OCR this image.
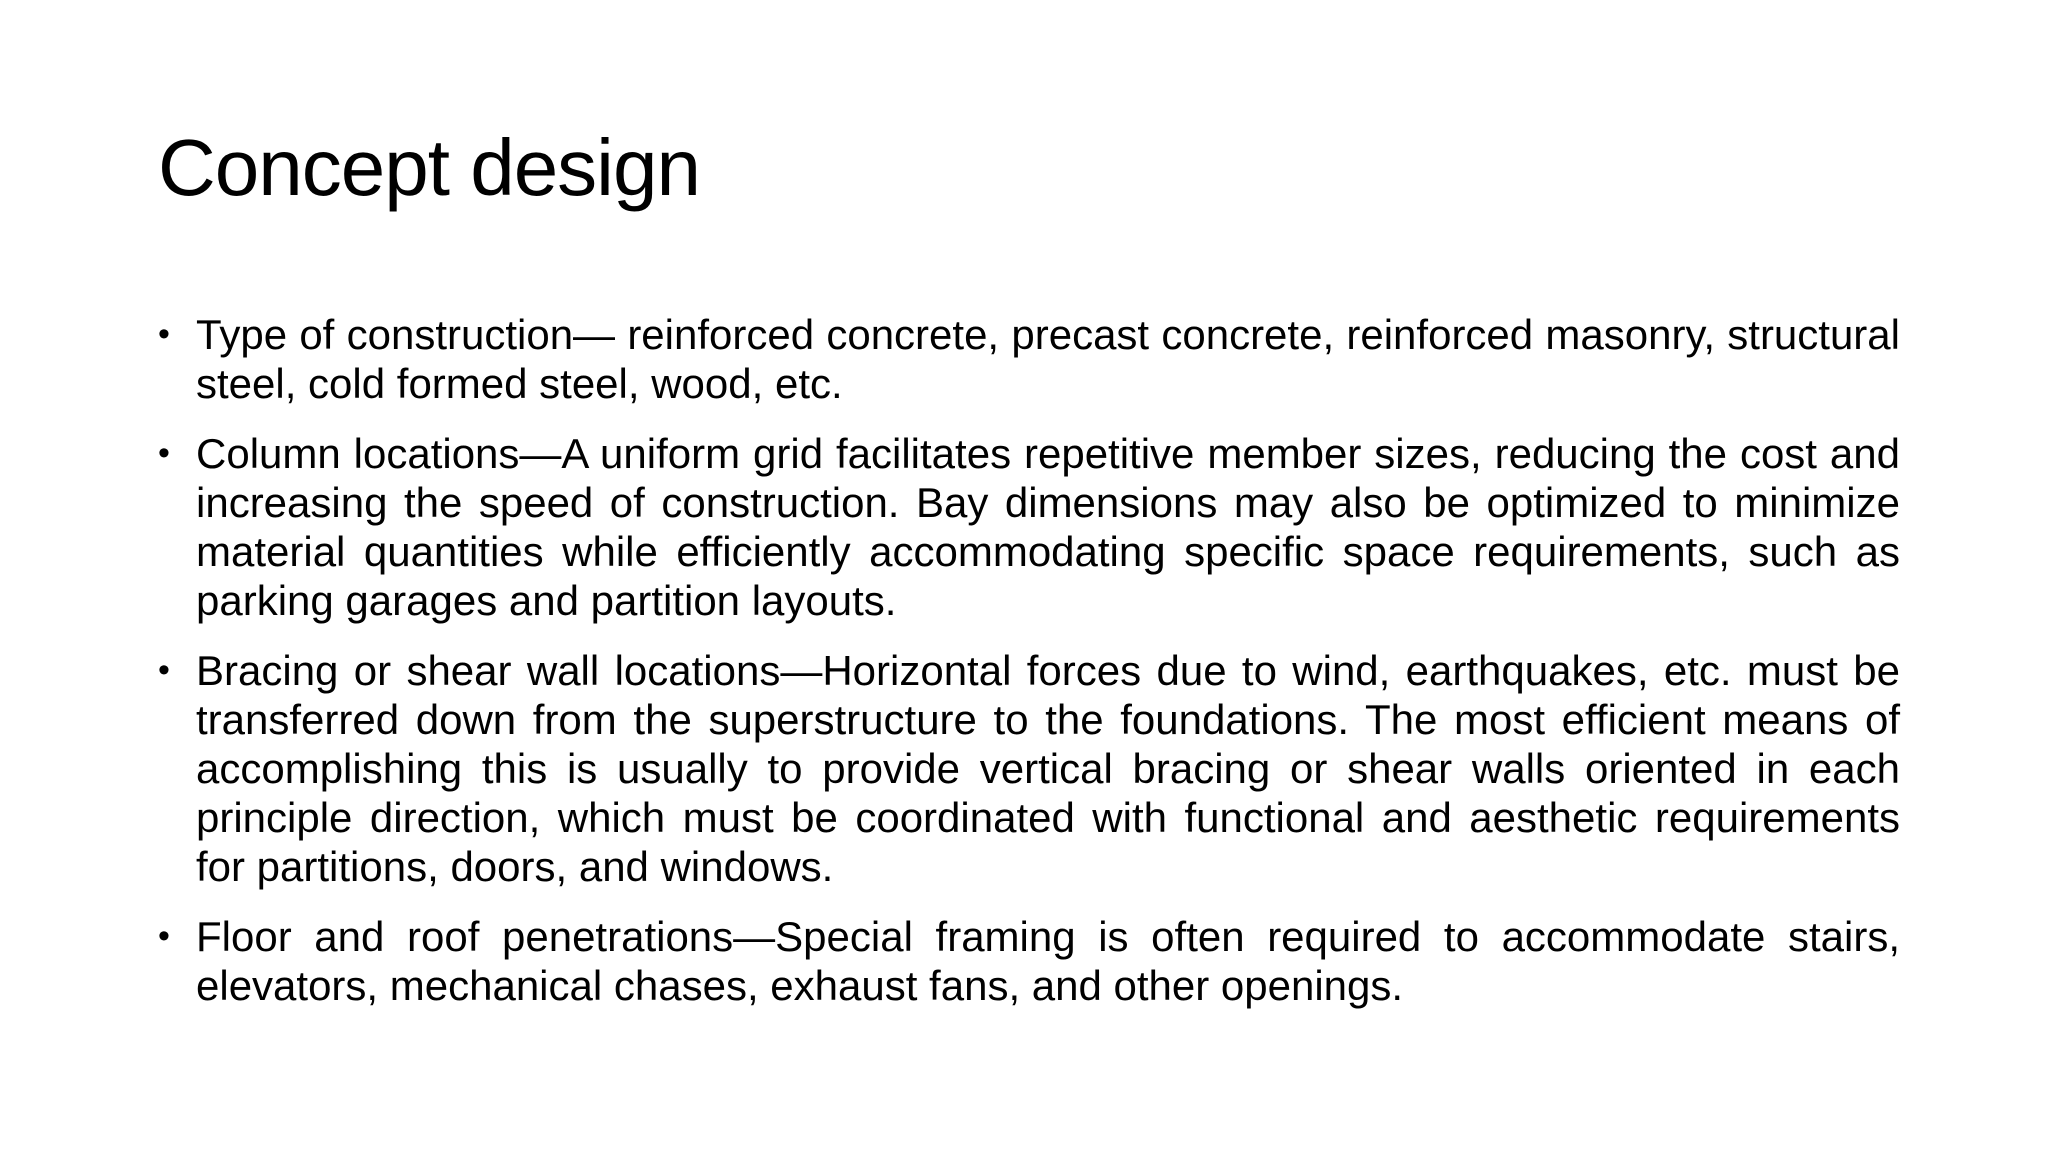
Concept design
• Type of construction— reinforced concrete, precast concrete, reinforced masonry, structural steel, cold formed steel, wood, etc.
• Column locations—A uniform grid facilitates repetitive member sizes, reducing the cost and increasing the speed of construction. Bay dimensions may also be optimized to minimize material quantities while efficiently accommodating specific space requirements, such as parking garages and partition layouts.
• Bracing or shear wall locations—Horizontal forces due to wind, earthquakes, etc. must be transferred down from the superstructure to the foundations. The most efficient means of accomplishing this is usually to provide vertical bracing or shear walls oriented in each principle direction, which must be coordinated with functional and aesthetic requirements for partitions, doors, and windows.
• Floor and roof penetrations—Special framing is often required to accommodate stairs, elevators, mechanical chases, exhaust fans, and other openings.
